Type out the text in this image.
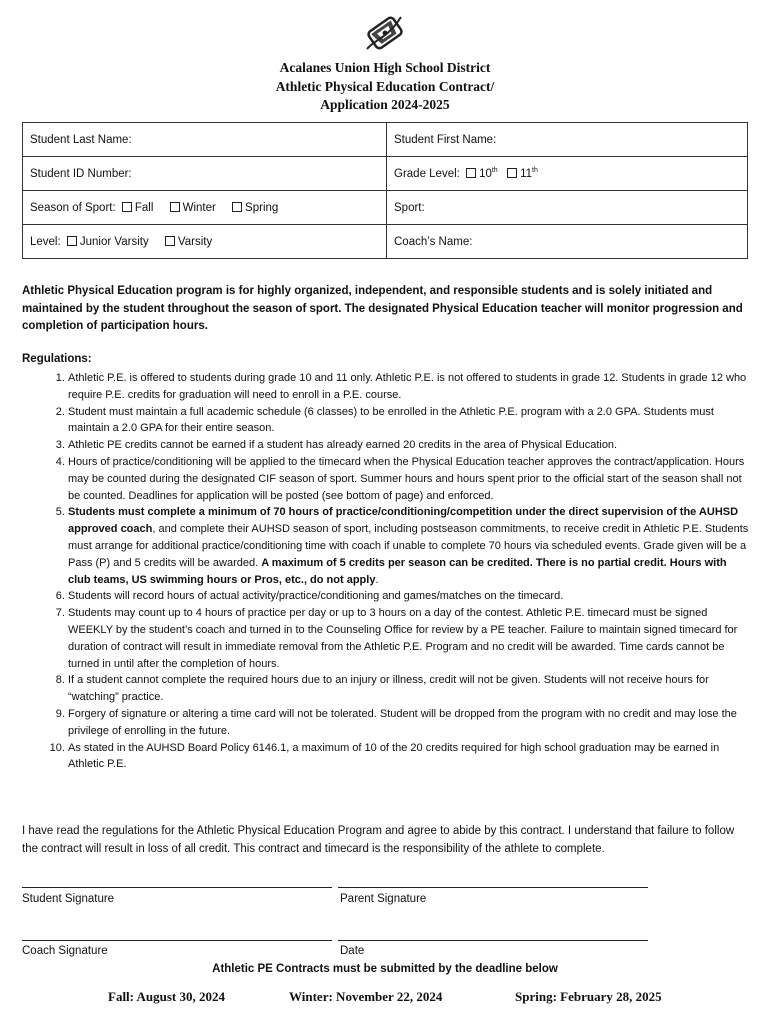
Acalanes Union High School District
Athletic Physical Education Contract/
Application 2024-2025
Student Last Name:	Student First Name:
Student ID Number:	Grade Level: 10th 11th
Season of Sport: Fall Winter Spring	Sport:
Level: Junior Varsity Varsity	Coach’s Name:
Athletic Physical Education program is for highly organized, independent, and responsible students and is solely initiated and maintained by the student throughout the season of sport. The designated Physical Education teacher will monitor progression and completion of participation hours.
Regulations:
1. Athletic P.E. is offered to students during grade 10 and 11 only. Athletic P.E. is not offered to students in grade 12. Students in grade 12 who require P.E. credits for graduation will need to enroll in a P.E. course.
2. Student must maintain a full academic schedule (6 classes) to be enrolled in the Athletic P.E. program with a 2.0 GPA. Students must maintain a 2.0 GPA for their entire season.
3. Athletic PE credits cannot be earned if a student has already earned 20 credits in the area of Physical Education.
4. Hours of practice/conditioning will be applied to the timecard when the Physical Education teacher approves the contract/application. Hours may be counted during the designated CIF season of sport. Summer hours and hours spent prior to the official start of the season shall not be counted. Deadlines for application will be posted (see bottom of page) and enforced.
5. Students must complete a minimum of 70 hours of practice/conditioning/competition under the direct supervision of the AUHSD approved coach, and complete their AUHSD season of sport, including postseason commitments, to receive credit in Athletic P.E. Students must arrange for additional practice/conditioning time with coach if unable to complete 70 hours via scheduled events. Grade given will be a Pass (P) and 5 credits will be awarded. A maximum of 5 credits per season can be credited. There is no partial credit. Hours with club teams, US swimming hours or Pros, etc., do not apply.
6. Students will record hours of actual activity/practice/conditioning and games/matches on the timecard.
7. Students may count up to 4 hours of practice per day or up to 3 hours on a day of the contest. Athletic P.E. timecard must be signed WEEKLY by the student’s coach and turned in to the Counseling Office for review by a PE teacher. Failure to maintain signed timecard for duration of contract will result in immediate removal from the Athletic P.E. Program and no credit will be awarded. Time cards cannot be turned in until after the completion of hours.
8. If a student cannot complete the required hours due to an injury or illness, credit will not be given. Students will not receive hours for “watching” practice.
9. Forgery of signature or altering a time card will not be tolerated. Student will be dropped from the program with no credit and may lose the privilege of enrolling in the future.
10. As stated in the AUHSD Board Policy 6146.1, a maximum of 10 of the 20 credits required for high school graduation may be earned in Athletic P.E.
I have read the regulations for the Athletic Physical Education Program and agree to abide by this contract. I understand that failure to follow the contract will result in loss of all credit. This contract and timecard is the responsibility of the athlete to complete.
Student Signature	Parent Signature
Coach Signature	Date
Athletic PE Contracts must be submitted by the deadline below
Fall: August 30, 2024	Winter: November 22, 2024	Spring: February 28, 2025
